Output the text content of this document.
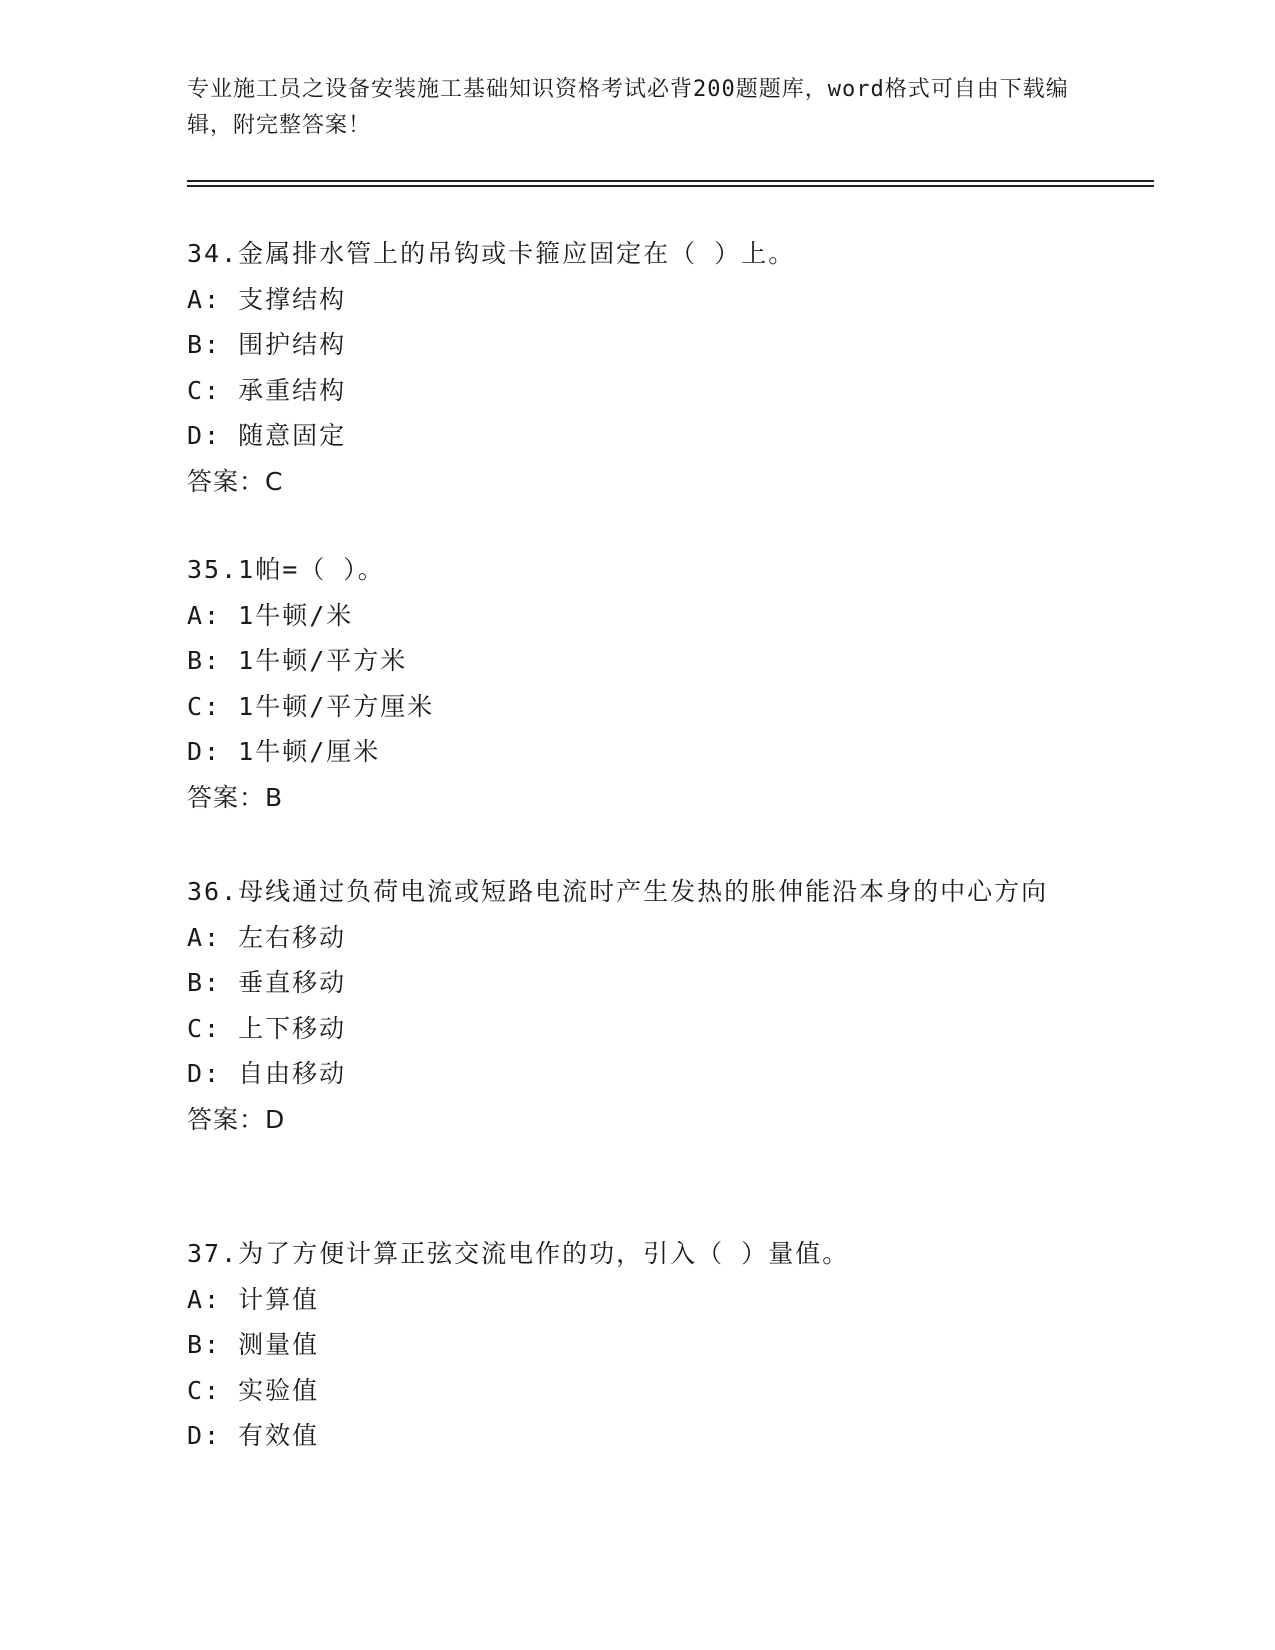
专业施工员之设备安装施工基础知识资格考试必背200题题库，word格式可自由下载编辑，附完整答案！
34.金属排水管上的吊钩或卡箍应固定在（ ）上。
A: 支撑结构
B: 围护结构
C: 承重结构
D: 随意固定
答案：C
35.1帕=（ ）。
A: 1牛顿/米
B: 1牛顿/平方米
C: 1牛顿/平方厘米
D: 1牛顿/厘米
答案：B
36.母线通过负荷电流或短路电流时产生发热的胀伸能沿本身的中心方向
A: 左右移动
B: 垂直移动
C: 上下移动
D: 自由移动
答案：D
37.为了方便计算正弦交流电作的功，引入（ ）量值。
A: 计算值
B: 测量值
C: 实验值
D: 有效值
